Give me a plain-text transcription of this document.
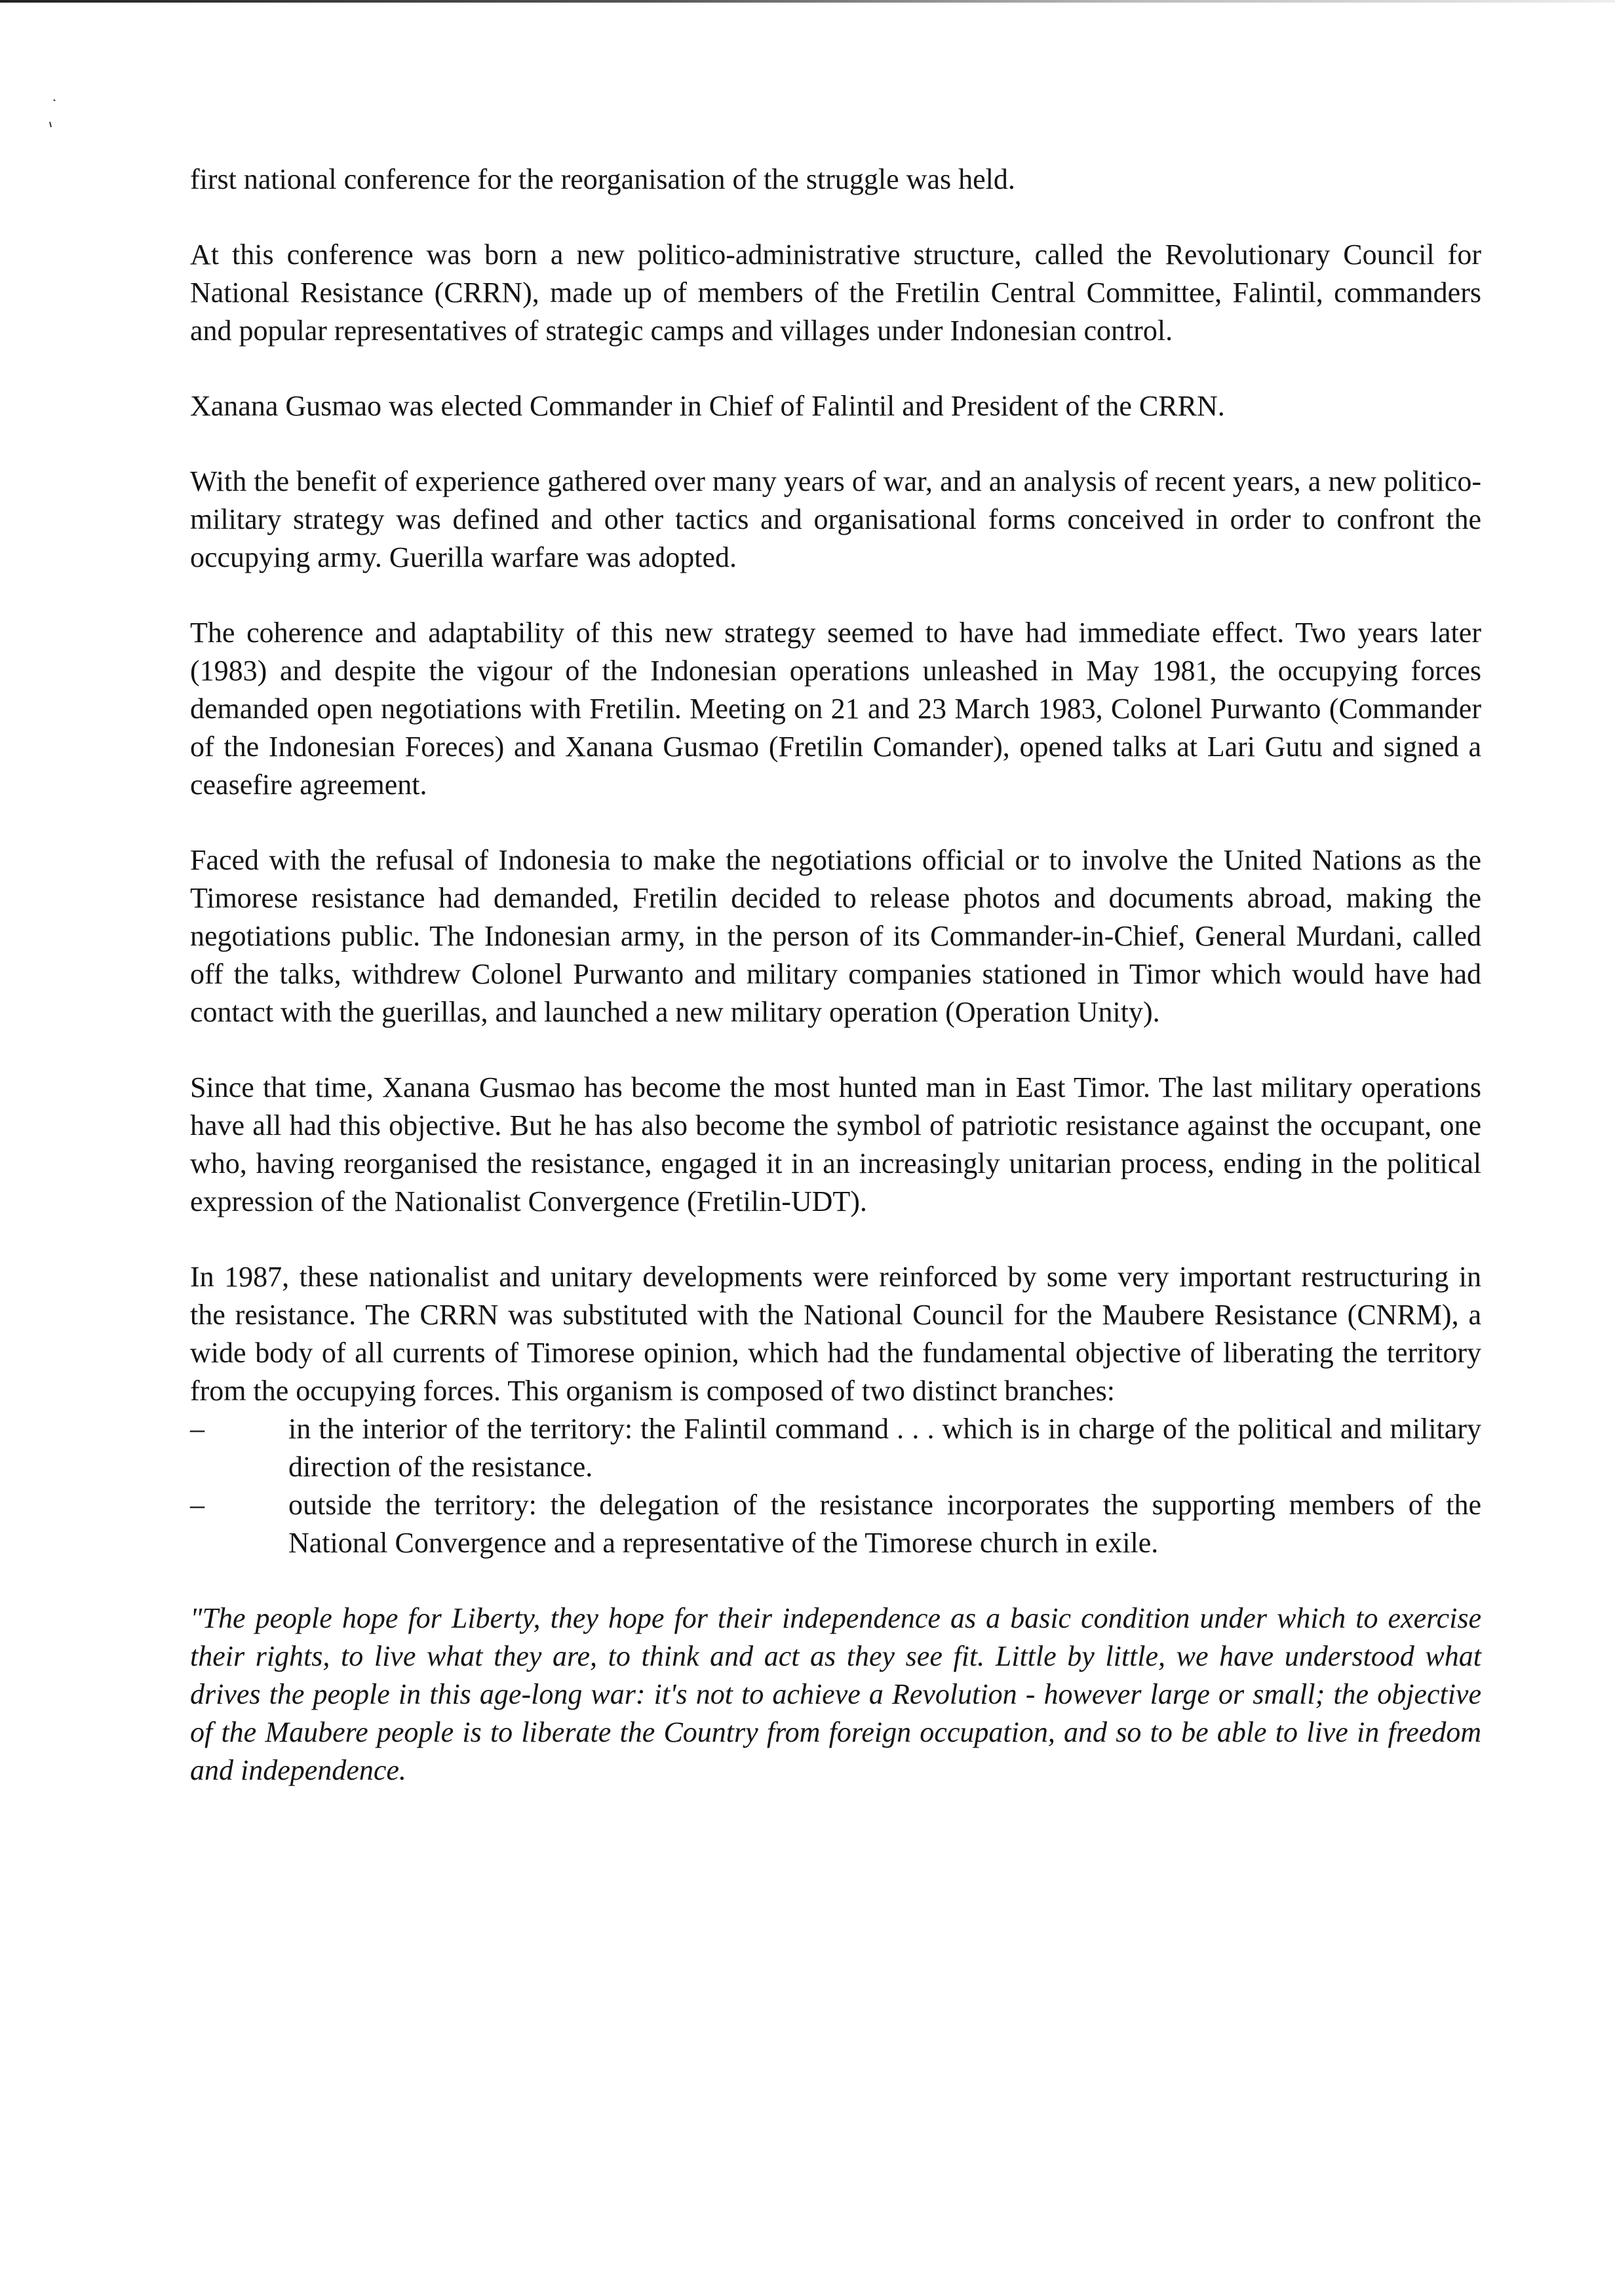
first national conference for the reorganisation of the struggle was held.

At this conference was born a new politico-administrative structure, called the Revolutionary Council for National Resistance (CRRN), made up of members of the Fretilin Central Committee, Falintil, commanders and popular representatives of strategic camps and villages under Indonesian control.

Xanana Gusmao was elected Commander in Chief of Falintil and President of the CRRN.

With the benefit of experience gathered over many years of war, and an analysis of recent years, a new politico-military strategy was defined and other tactics and organisational forms conceived in order to confront the occupying army. Guerilla warfare was adopted.

The coherence and adaptability of this new strategy seemed to have had immediate effect. Two years later (1983) and despite the vigour of the Indonesian operations unleashed in May 1981, the occupying forces demanded open negotiations with Fretilin. Meeting on 21 and 23 March 1983, Colonel Purwanto (Commander of the Indonesian Foreces) and Xanana Gusmao (Fretilin Comander), opened talks at Lari Gutu and signed a ceasefire agreement.

Faced with the refusal of Indonesia to make the negotiations official or to involve the United Nations as the Timorese resistance had demanded, Fretilin decided to release photos and documents abroad, making the negotiations public. The Indonesian army, in the person of its Commander-in-Chief, General Murdani, called off the talks, withdrew Colonel Purwanto and military companies stationed in Timor which would have had contact with the guerillas, and launched a new military operation (Operation Unity).

Since that time, Xanana Gusmao has become the most hunted man in East Timor. The last military operations have all had this objective. But he has also become the symbol of patriotic resistance against the occupant, one who, having reorganised the resistance, engaged it in an increasingly unitarian process, ending in the political expression of the Nationalist Convergence (Fretilin-UDT).

In 1987, these nationalist and unitary developments were reinforced by some very important restructuring in the resistance. The CRRN was substituted with the National Council for the Maubere Resistance (CNRM), a wide body of all currents of Timorese opinion, which had the fundamental objective of liberating the territory from the occupying forces. This organism is composed of two distinct branches:

–	in the interior of the territory: the Falintil command . . . which is in charge of the political and military direction of the resistance.
–	outside the territory: the delegation of the resistance incorporates the supporting members of the National Convergence and a representative of the Timorese church in exile.

"The people hope for Liberty, they hope for their independence as a basic condition under which to exercise their rights, to live what they are, to think and act as they see fit. Little by little, we have understood what drives the people in this age-long war: it's not to achieve a Revolution - however large or small; the objective of the Maubere people is to liberate the Country from foreign occupation, and so to be able to live in freedom and independence.
